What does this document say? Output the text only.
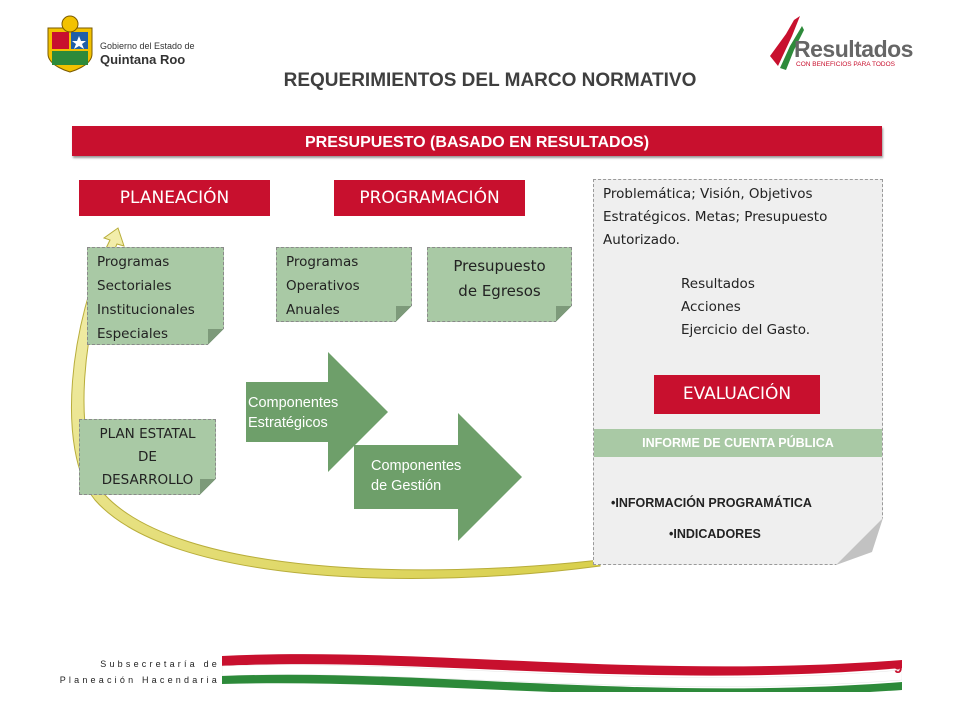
Gobierno del Estado de
Quintana Roo	Resultados
CON BENEFICIOS PARA TODOS
REQUERIMIENTOS DEL MARCO NORMATIVO
PRESUPUESTO (BASADO EN RESULTADOS)
PLANEACIÓN
Programas
Sectoriales
Institucionales
Especiales
PLAN ESTATAL
DE
DESARROLLO
PROGRAMACIÓN
Programas
Operativos
Anuales
Presupuesto
de Egresos
Componentes
Estratégicos
Componentes
de Gestión
Problemática; Visión, Objetivos
Estratégicos. Metas; Presupuesto
Autorizado.
Resultados
Acciones
Ejercicio del Gasto.
EVALUACIÓN
INFORME DE CUENTA PÚBLICA
•INFORMACIÓN PROGRAMÁTICA
•INDICADORES
Subsecretaría de
Planeación Hacendaria
9
